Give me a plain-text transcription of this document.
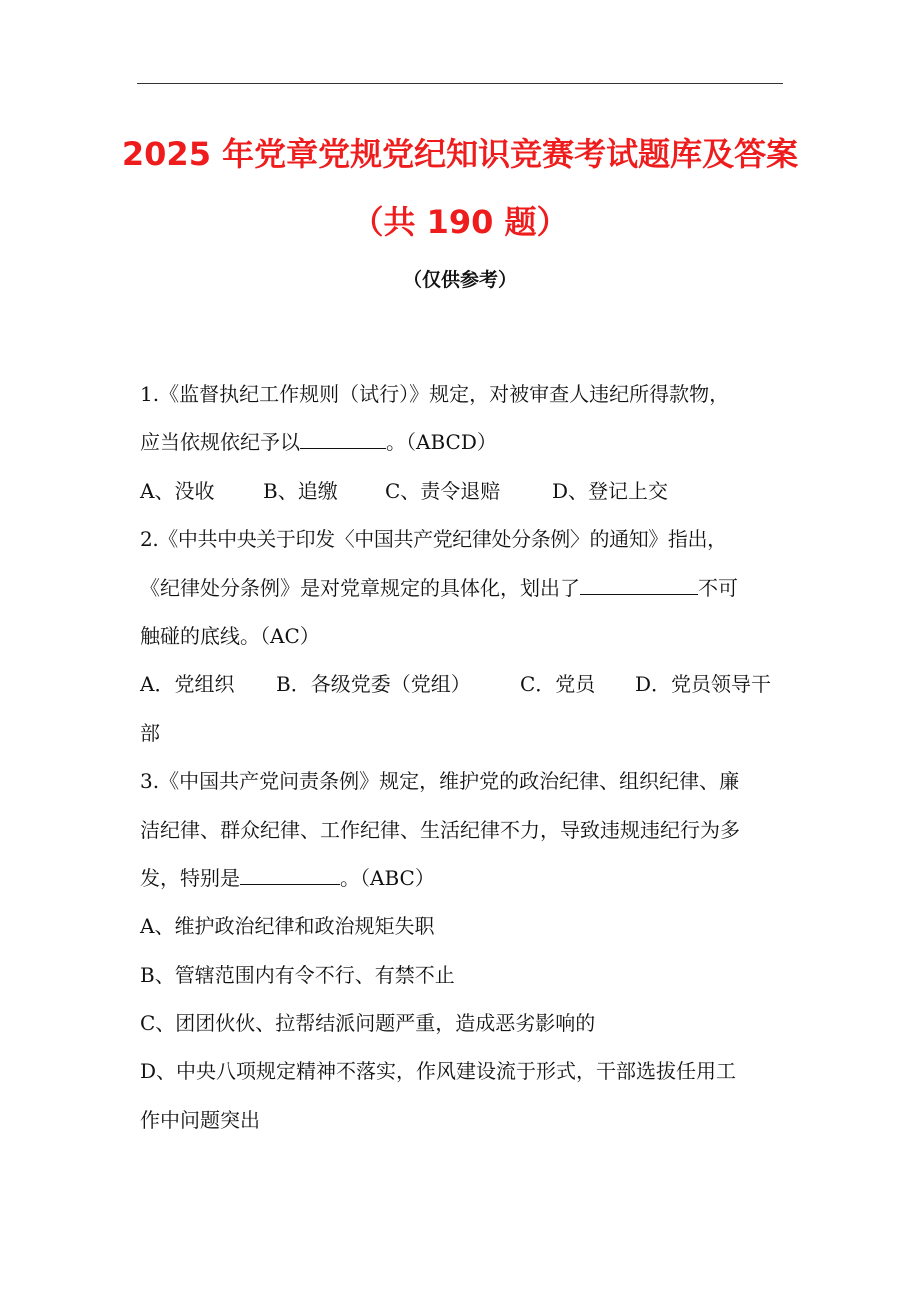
2025 年党章党规党纪知识竞赛考试题库及答案
（共 190 题）
（仅供参考）

1.《监督执纪工作规则（试行）》规定，对被审查人违纪所得款物，

应当依规依纪予以	。（ABCD）

A、没收 B、追缴 C、责令退赔	D、登记上交

2.《中共中央关于印发〈中国共产党纪律处分条例〉的通知》指出，

《纪律处分条例》是对党章规定的具体化，划出了	不可

触碰的底线。（AC）

A．党组织 B．各级党委（党组） C．党员 D．党员领导干

部

3.《中国共产党问责条例》规定，维护党的政治纪律、组织纪律、廉

洁纪律、群众纪律、工作纪律、生活纪律不力，导致违规违纪行为多

发，特别是	。（ABC）

A、维护政治纪律和政治规矩失职

B、管辖范围内有令不行、有禁不止

C、团团伙伙、拉帮结派问题严重，造成恶劣影响的

D、中央八项规定精神不落实，作风建设流于形式，干部选拔任用工

作中问题突出
